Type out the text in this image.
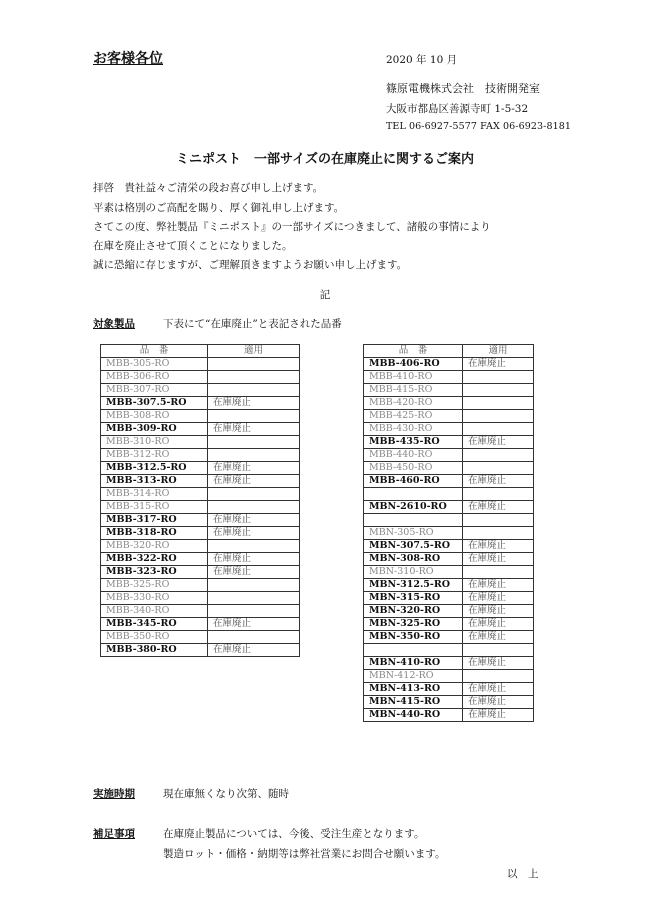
お客様各位	2020 年 10 月
篠原電機株式会社　技術開発室
大阪市都島区善源寺町 1-5-32
TEL 06-6927-5577 FAX 06-6923-8181
ミニポスト　一部サイズの在庫廃止に関するご案内
拝啓　貴社益々ご清栄の段お喜び申し上げます。
平素は格別のご高配を賜り、厚く御礼申し上げます。
さてこの度、弊社製品『ミニポスト』の一部サイズにつきまして、諸般の事情により
在庫を廃止させて頂くことになりました。
誠に恐縮に存じますが、ご理解頂きますようお願い申し上げます。
記
対象製品	下表にて“在庫廃止”と表記された品番
品　番	適用
MBB-305-RO	
MBB-306-RO	
MBB-307-RO	
MBB-307.5-RO	在庫廃止
MBB-308-RO	
MBB-309-RO	在庫廃止
MBB-310-RO	
MBB-312-RO	
MBB-312.5-RO	在庫廃止
MBB-313-RO	在庫廃止
MBB-314-RO	
MBB-315-RO	
MBB-317-RO	在庫廃止
MBB-318-RO	在庫廃止
MBB-320-RO	
MBB-322-RO	在庫廃止
MBB-323-RO	在庫廃止
MBB-325-RO	
MBB-330-RO	
MBB-340-RO	
MBB-345-RO	在庫廃止
MBB-350-RO	
MBB-380-RO	在庫廃止
品　番	適用
MBB-406-RO	在庫廃止
MBB-410-RO	
MBB-415-RO	
MBB-420-RO	
MBB-425-RO	
MBB-430-RO	
MBB-435-RO	在庫廃止
MBB-440-RO	
MBB-450-RO	
MBB-460-RO	在庫廃止

MBN-2610-RO	在庫廃止

MBN-305-RO	
MBN-307.5-RO	在庫廃止
MBN-308-RO	在庫廃止
MBN-310-RO	
MBN-312.5-RO	在庫廃止
MBN-315-RO	在庫廃止
MBN-320-RO	在庫廃止
MBN-325-RO	在庫廃止
MBN-350-RO	在庫廃止

MBN-410-RO	在庫廃止
MBN-412-RO	
MBN-413-RO	在庫廃止
MBN-415-RO	在庫廃止
MBN-440-RO	在庫廃止
実施時期	現在庫無くなり次第、随時
補足事項	在庫廃止製品については、今後、受注生産となります。
製造ロット・価格・納期等は弊社営業にお問合せ願います。
以　上
